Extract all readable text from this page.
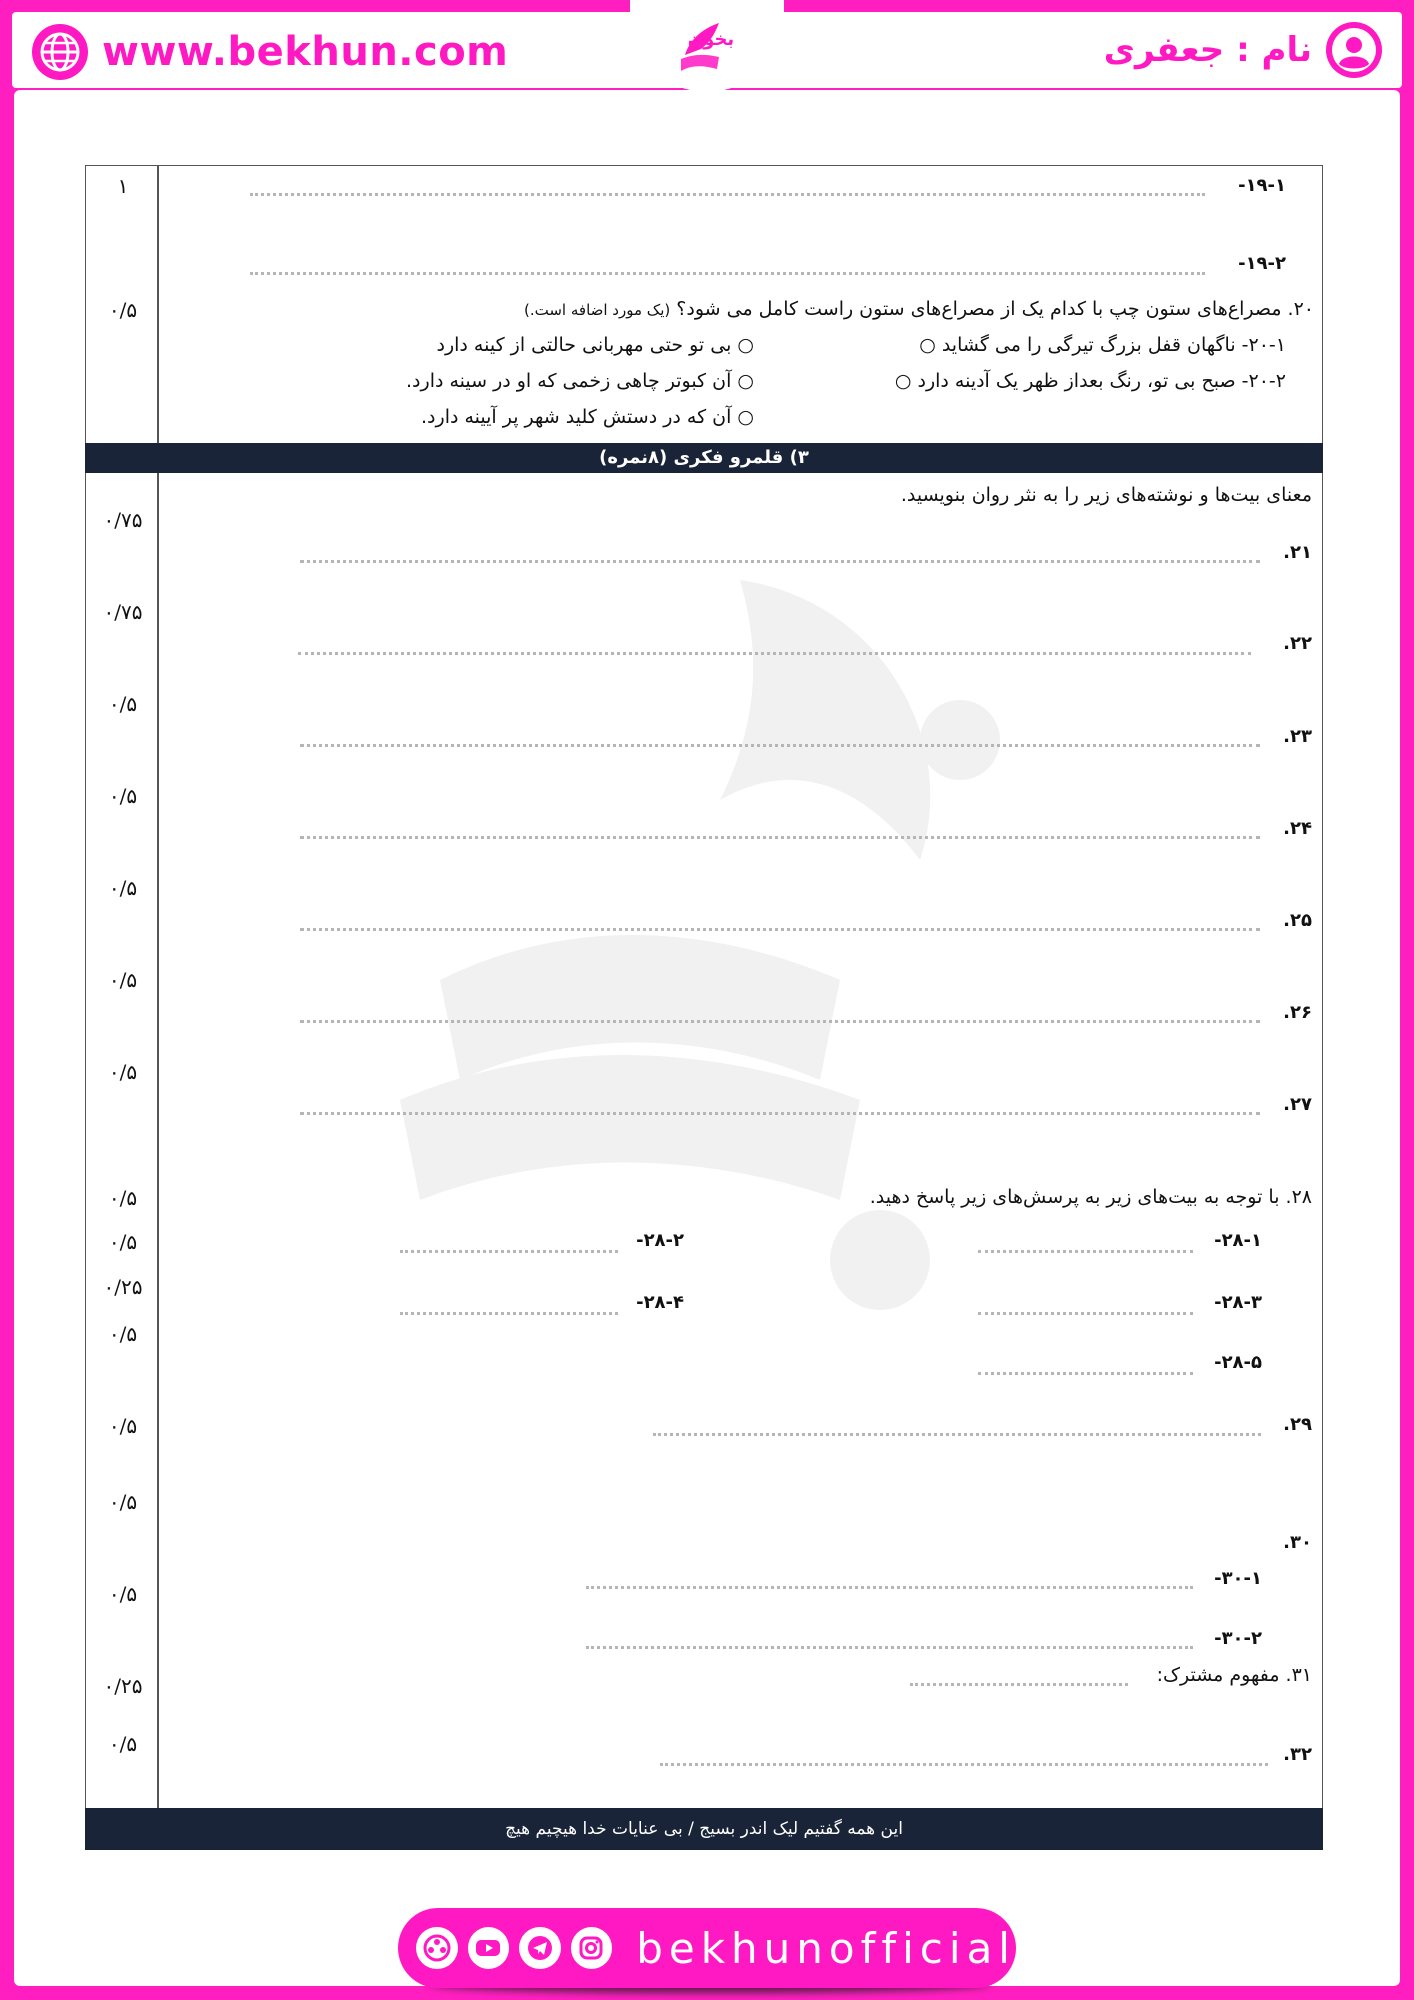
بخون
www.bekhun.com	نام : جعفری
۱۹-۱-
۱
۱۹-۲-
۰/۵	۲۰. مصراع‌های ستون چپ با کدام یک از مصراع‌های ستون راست کامل می شود؟ (یک مورد اضافه است.)
۲۰-۱- ناگهان قفل بزرگ تیرگی را می گشاید ○
۲۰-۲- صبح بی تو، رنگ بعداز ظهر یک آدینه دارد ○
○ بی تو حتی مهربانی حالتی از کینه دارد
○ آن کبوتر چاهی زخمی که او در سینه دارد.
○ آن که در دستش کلید شهر پر آیینه دارد.
۳) قلمرو فکری (۸نمره)
معنای بیت‌ها و نوشته‌های زیر را به نثر روان بنویسید.
۲۱.
۰/۷۵
۲۲.
۰/۷۵
۲۳.
۰/۵
۲۴.
۰/۵
۲۵.
۰/۵
۲۶.
۰/۵
۲۷.
۰/۵
۲۸. با توجه به بیت‌های زیر به پرسش‌های زیر پاسخ دهید.
۰/۵
۰/۵
۰/۲۵
۰/۵
۲۸-۱-
۲۸-۲-
۲۸-۳-
۲۸-۴-
۲۸-۵-
۲۹.
۰/۵
۰/۵
۳۰.
۳۰-۱-
۰/۵
۳۰-۲-
۳۱. مفهوم مشترک:
۰/۲۵
۳۲.
۰/۵
این همه گفتیم لیک اندر بسیج / بی عنایات خدا هیچیم هیچ
bekhunofficial
